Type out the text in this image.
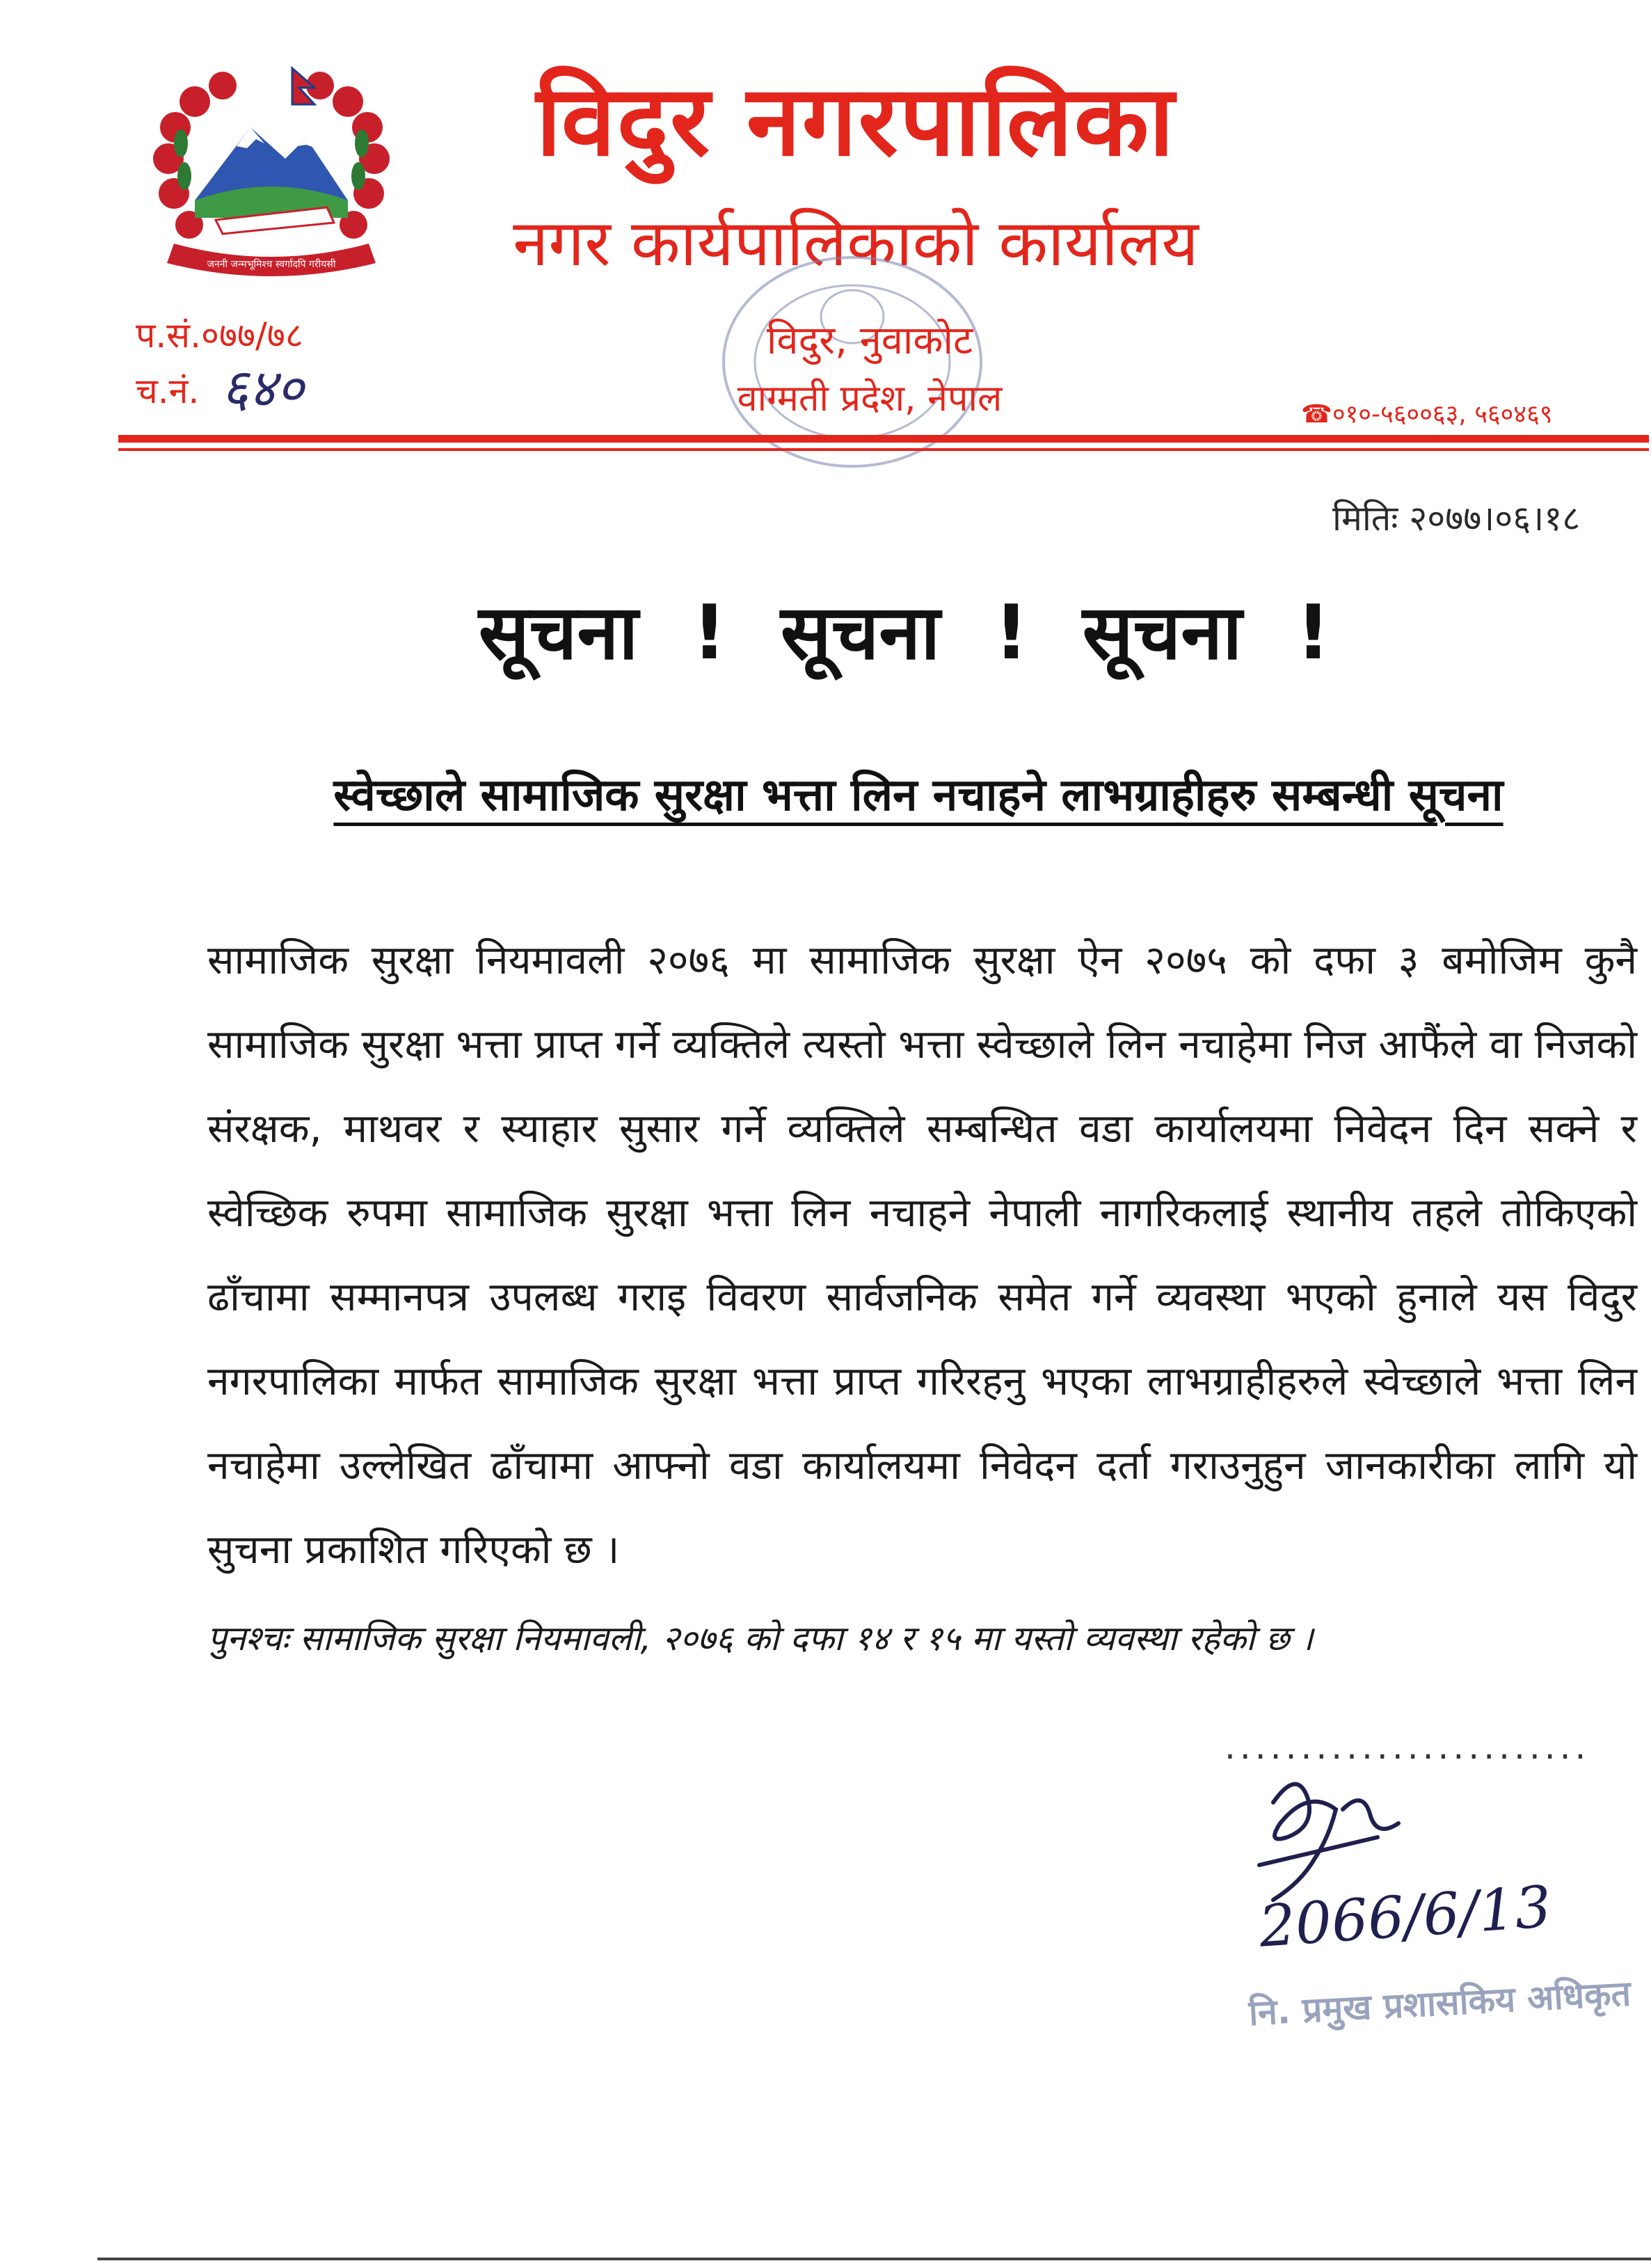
जननी जन्मभूमिश्च स्वर्गादपि गरीयसी
विदुर नगरपालिका
नगर कार्यपालिकाको कार्यालय
विदुर, नुवाकोट
वाग्मती प्रदेश, नेपाल
प.सं.०७७/७८
च.नं. ६४०	☎०१०-५६००६३, ५६०४६९
मितिः २०७७।०६।१८
सूचना ! सूचना ! सूचना !
स्वेच्छाले सामाजिक सुरक्षा भत्ता लिन नचाहने लाभग्राहीहरु सम्बन्धी सूचना
सामाजिक सुरक्षा नियमावली २०७६ मा सामाजिक सुरक्षा ऐन २०७५ को दफा ३ बमोजिम कुनै सामाजिक सुरक्षा भत्ता प्राप्त गर्ने व्यक्तिले त्यस्तो भत्ता स्वेच्छाले लिन नचाहेमा निज आफैंले वा निजको संरक्षक, माथवर र स्याहार सुसार गर्ने व्यक्तिले सम्बन्धित वडा कार्यालयमा निवेदन दिन सक्ने र स्वेच्छिक रुपमा सामाजिक सुरक्षा भत्ता लिन नचाहने नेपाली नागरिकलाई स्थानीय तहले तोकिएको ढाँचामा सम्मानपत्र उपलब्ध गराइ विवरण सार्वजनिक समेत गर्ने व्यवस्था भएको हुनाले यस विदुर नगरपालिका मार्फत सामाजिक सुरक्षा भत्ता प्राप्त गरिरहनु भएका लाभग्राहीहरुले स्वेच्छाले भत्ता लिन नचाहेमा उल्लेखित ढाँचामा आफ्नो वडा कार्यालयमा निवेदन दर्ता गराउनुहुन जानकारीका लागि यो सुचना प्रकाशित गरिएको छ ।
पुनश्चः सामाजिक सुरक्षा नियमावली, २०७६ को दफा १४ र १५ मा यस्तो व्यवस्था रहेको छ ।
........................
2066/6/13
नि. प्रमुख प्रशासकिय अधिकृत
